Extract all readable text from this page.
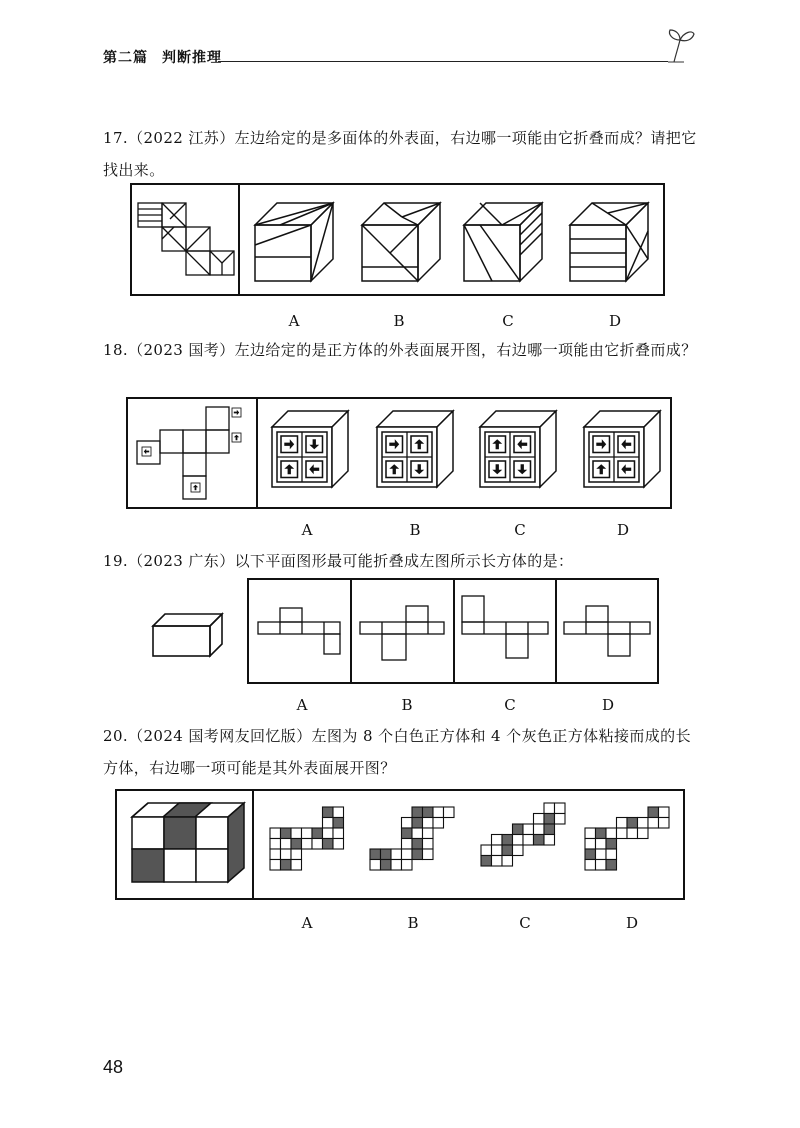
第二篇 判断推理
17.（2022 江苏）左边给定的是多面体的外表面，右边哪一项能由它折叠而成？请把它找出来。
A	B	C	D
18.（2023 国考）左边给定的是正方体的外表面展开图，右边哪一项能由它折叠而成？
A	B	C	D
19.（2023 广东）以下平面图形最可能折叠成左图所示长方体的是：
A	B	C	D
20.（2024 国考网友回忆版）左图为 8 个白色正方体和 4 个灰色正方体粘接而成的长方体，右边哪一项可能是其外表面展开图？
A	B	C	D
48
